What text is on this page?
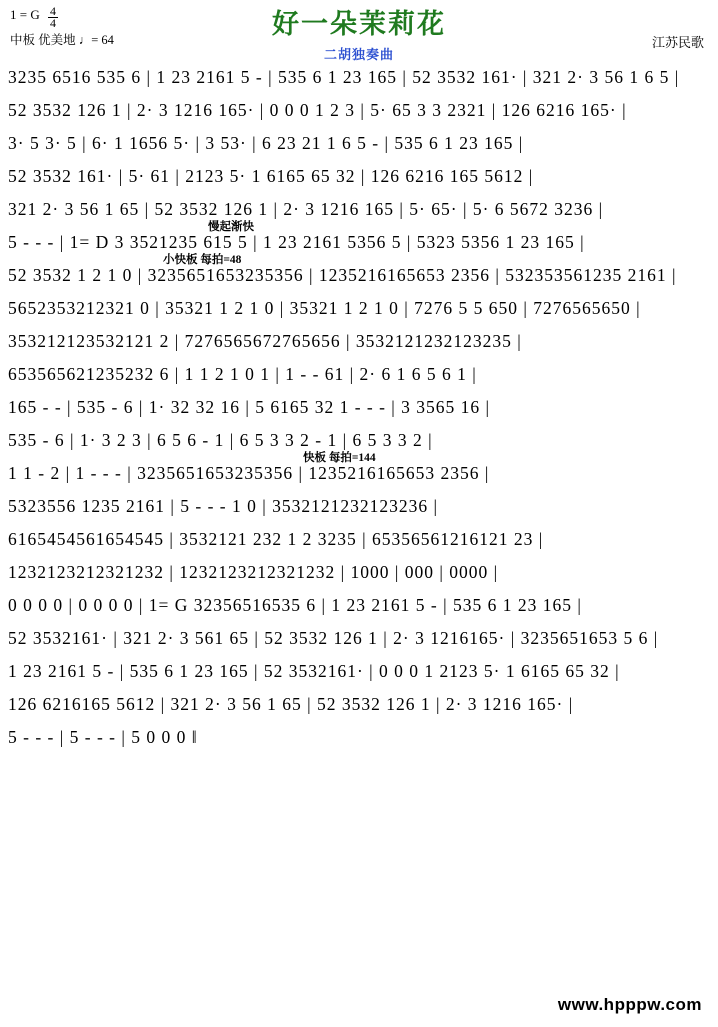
1 = G $\frac{4}{4}$
中板 优美地 ♩= 64
好一朵茉莉花
二胡独奏曲
江苏民歌
3235 6516 535 6 | 1 23 2161 5 - | 535 6 1 23 165 | 52 3532 161· | 321 2· 3 56 1 6 5 |
52 3532 126 1 | 2· 3 1216 165· | 0 0 0 1 2 3 | 5· 65 3 3 2321 | 126 6216 165· |
3· 5 3· 5 | 6· 1 1656 5· | 3 53· | 6 23 21 1 6 5 - | 535 6 1 23 165 |
52 3532 161· | 5· 61 | 2123 5· 1 6165 65 32 | 126 6216 165 5612 |
321 2· 3 56 1 65 | 52 3532 126 1 | 2· 3 1216 165 | 5· 65· | 5· 6 5672 3236 |
慢起渐快
5 - - - | 1= D 3 3521235 615 5 | 1 23 2161 5356 5 | 5323 5356 1 23 165 |
小快板 每拍=48
52 3532 1 2 1 0 | 3235651653235356 | 1235216165653 2356 | 532353561235 2161 |
5652353212321 0 | 35321 1 2 1 0 | 35321 1 2 1 0 | 7276 5 5 650 | 7276565650 |
353212123532121 2 | 7276565672765656 | 3532121232123235 |
653565621235232 6 | 1 1 2 1 0 1 | 1 - - 61 | 2· 6 1 6 5 6 1 |
165 - - | 535 - 6 | 1· 32 32 16 | 5 6165 32 1 - - - | 3 3565 16 |
535 - 6 | 1· 3 2 3 | 6 5 6 - 1 | 6 5 3 3 2 - 1 | 6 5 3 3 2 |
快板 每拍=144
1 1 - 2 | 1 - - - | 3235651653235356 | 1235216165653 2356 |
5323556 1235 2161 | 5 - - - 1 0 | 3532121232123236 |
6165454561654545 | 3532121 232 1 2 3235 | 65356561216121 23 |
1232123212321232 | 1232123212321232 | 1000 | 000 | 0000 |
0 0 0 0 | 0 0 0 0 | 1= G 32356516535 6 | 1 23 2161 5 - | 535 6 1 23 165 |
52 3532161· | 321 2· 3 561 65 | 52 3532 126 1 | 2· 3 1216165· | 3235651653 5 6 |
1 23 2161 5 - | 535 6 1 23 165 | 52 3532161· | 0 0 0 1 2123 5· 1 6165 65 32 |
126 6216165 5612 | 321 2· 3 56 1 65 | 52 3532 126 1 | 2· 3 1216 165· |
5 - - - | 5 - - - | 5 0 0 0 ‖
www.hpppw.com
